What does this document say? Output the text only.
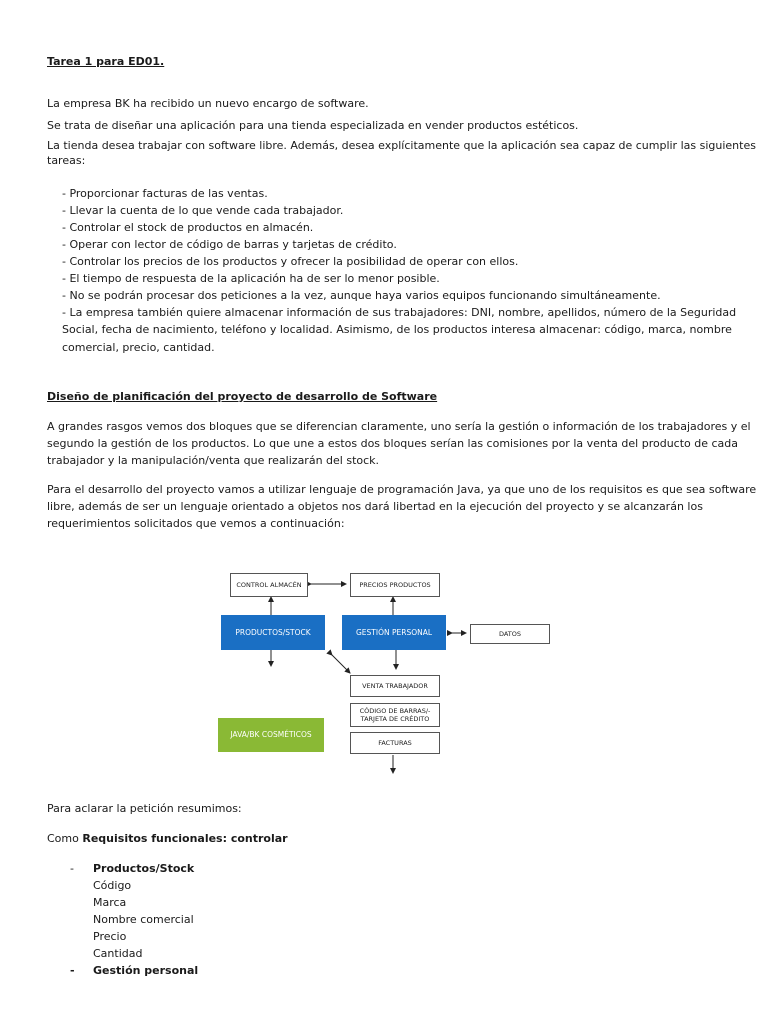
Tarea 1 para ED01.
La empresa BK ha recibido un nuevo encargo de software.
Se trata de diseñar una aplicación para una tienda especializada en vender productos estéticos.
La tienda desea trabajar con software libre. Además, desea explícitamente que la aplicación sea capaz de cumplir las siguientes
tareas:
- Proporcionar facturas de las ventas.
- Llevar la cuenta de lo que vende cada trabajador.
- Controlar el stock de productos en almacén.
- Operar con lector de código de barras y tarjetas de crédito.
- Controlar los precios de los productos y ofrecer la posibilidad de operar con ellos.
- El tiempo de respuesta de la aplicación ha de ser lo menor posible.
- No se podrán procesar dos peticiones a la vez, aunque haya varios equipos funcionando simultáneamente.
- La empresa también quiere almacenar información de sus trabajadores: DNI, nombre, apellidos, número de la Seguridad
Social, fecha de nacimiento, teléfono y localidad. Asimismo, de los productos interesa almacenar: código, marca, nombre
comercial, precio, cantidad.
Diseño de planificación del proyecto de desarrollo de Software
A grandes rasgos vemos dos bloques que se diferencian claramente, uno sería la gestión o información de los trabajadores y el
segundo la gestión de los productos. Lo que une a estos dos bloques serían las comisiones por la venta del producto de cada
trabajador y la manipulación/venta que realizarán del stock.
Para el desarrollo del proyecto vamos a utilizar lenguaje de programación Java, ya que uno de los requisitos es que sea software
libre, además de ser un lenguaje orientado a objetos nos dará libertad en la ejecución del proyecto y se alcanzarán los
requerimientos solicitados que vemos a continuación:
CONTROL ALMACÉN	PRECIOS PRODUCTOS
PRODUCTOS/STOCK	GESTIÓN PERSONAL	DATOS
VENTA TRABAJADOR
CÓDIGO DE BARRAS/-
TARJETA DE CRÉDITO
FACTURAS
JAVA/BK COSMÉTICOS
Para aclarar la petición resumimos:
Como Requisitos funcionales: controlar
- Productos/Stock
Código
Marca
Nombre comercial
Precio
Cantidad
- Gestión personal
